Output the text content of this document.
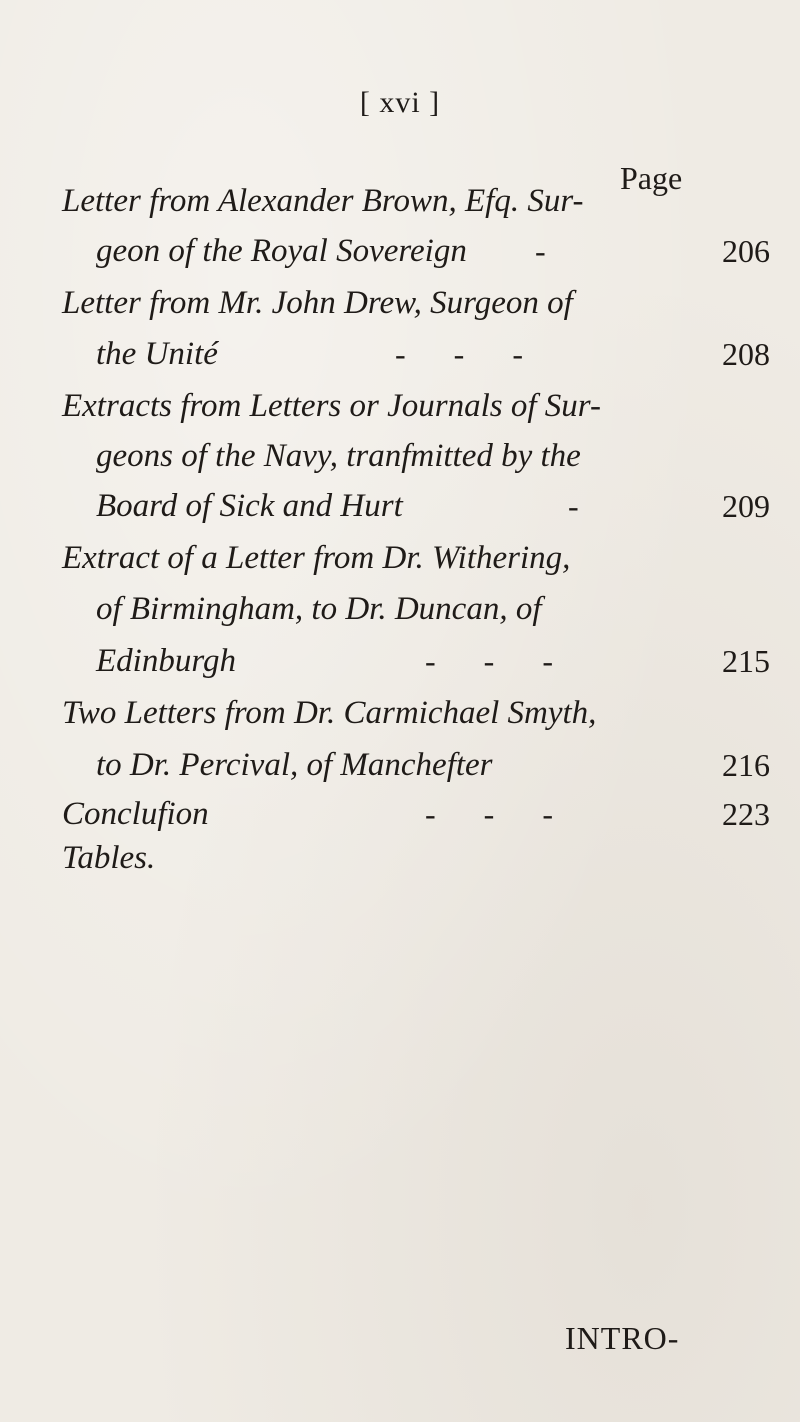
[ xvi ]
Page
Letter from Alexander Brown, Efq. Sur-
geon of the Royal Sovereign -	206
Letter from Mr. John Drew, Surgeon of
the Unité	-      -      -	208
Extracts from Letters or Journals of Sur-
geons of the Navy, tranfmitted by the
Board of Sick and Hurt	-	209
Extract of a Letter from Dr. Withering,
of Birmingham, to Dr. Duncan, of
Edinburgh	-      -      -	215
Two Letters from Dr. Carmichael Smyth,
to Dr. Percival, of Manchefter	216
Conclufion	-      -      -	223
Tables.
INTRO-
